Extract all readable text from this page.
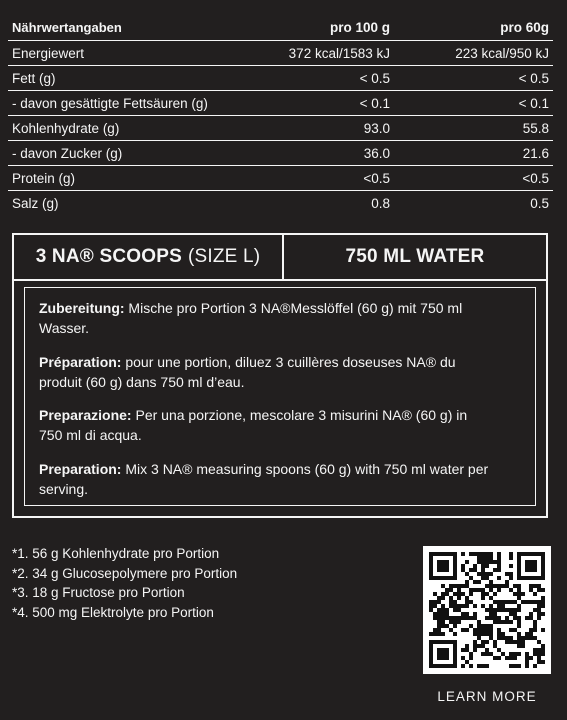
Nährwertangaben	pro 100 g	pro 60g
Energiewert	372 kcal/1583 kJ	223 kcal/950 kJ
Fett (g)	< 0.5	< 0.5
- davon gesättigte Fettsäuren (g)	< 0.1	< 0.1
Kohlenhydrate (g)	93.0	55.8
- davon Zucker (g)	36.0	21.6
Protein (g)	<0.5	<0.5
Salz (g)	0.8	0.5
3 NA® SCOOPS (SIZE L)	750 ML WATER
Zubereitung: Mische pro Portion 3 NA®Messlöffel (60 g) mit 750 ml Wasser.
Préparation: pour une portion, diluez 3 cuillères doseuses NA® du produit (60 g) dans 750 ml d’eau.
Preparazione: Per una porzione, mescolare 3 misurini NA® (60 g) in 750 ml di acqua.
Preparation: Mix 3 NA® measuring spoons (60 g) with 750 ml water per serving.
*1. 56 g Kohlenhydrate pro Portion
*2. 34 g Glucosepolymere pro Portion
*3. 18 g Fructose pro Portion
*4. 500 mg Elektrolyte pro Portion
LEARN MORE
